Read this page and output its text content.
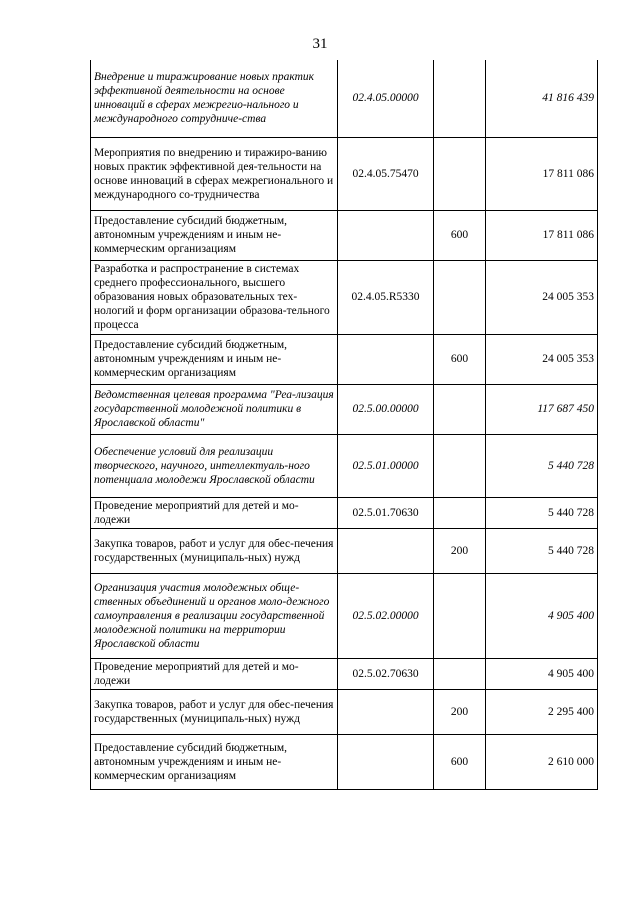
31
Внедрение и тиражирование новых практик эффективной деятельности на основе инноваций в сферах межрегио-нального и международного сотрудниче-ства	02.4.05.00000		41 816 439
Мероприятия по внедрению и тиражиро-ванию новых практик эффективной дея-тельности на основе инноваций в сферах межрегионального и международного со-трудничества	02.4.05.75470		17 811 086
Предоставление субсидий бюджетным, автономным учреждениям и иным не-коммерческим организациям		600	17 811 086
Разработка и распространение в системах среднего профессионального, высшего образования новых образовательных тех-нологий и форм организации образова-тельного процесса	02.4.05.R5330		24 005 353
Предоставление субсидий бюджетным, автономным учреждениям и иным не-коммерческим организациям		600	24 005 353
Ведомственная целевая программа "Реа-лизация государственной молодежной политики в Ярославской области"	02.5.00.00000		117 687 450
Обеспечение условий для реализации творческого, научного, интеллектуаль-ного потенциала молодежи Ярославской области	02.5.01.00000		5 440 728
Проведение мероприятий для детей и мо-лодежи	02.5.01.70630		5 440 728
Закупка товаров, работ и услуг для обес-печения государственных (муниципаль-ных) нужд		200	5 440 728
Организация участия молодежных обще-ственных объединений и органов моло-дежного самоуправления в реализации государственной молодежной политики на территории Ярославской области	02.5.02.00000		4 905 400
Проведение мероприятий для детей и мо-лодежи	02.5.02.70630		4 905 400
Закупка товаров, работ и услуг для обес-печения государственных (муниципаль-ных) нужд		200	2 295 400
Предоставление субсидий бюджетным, автономным учреждениям и иным не-коммерческим организациям		600	2 610 000
